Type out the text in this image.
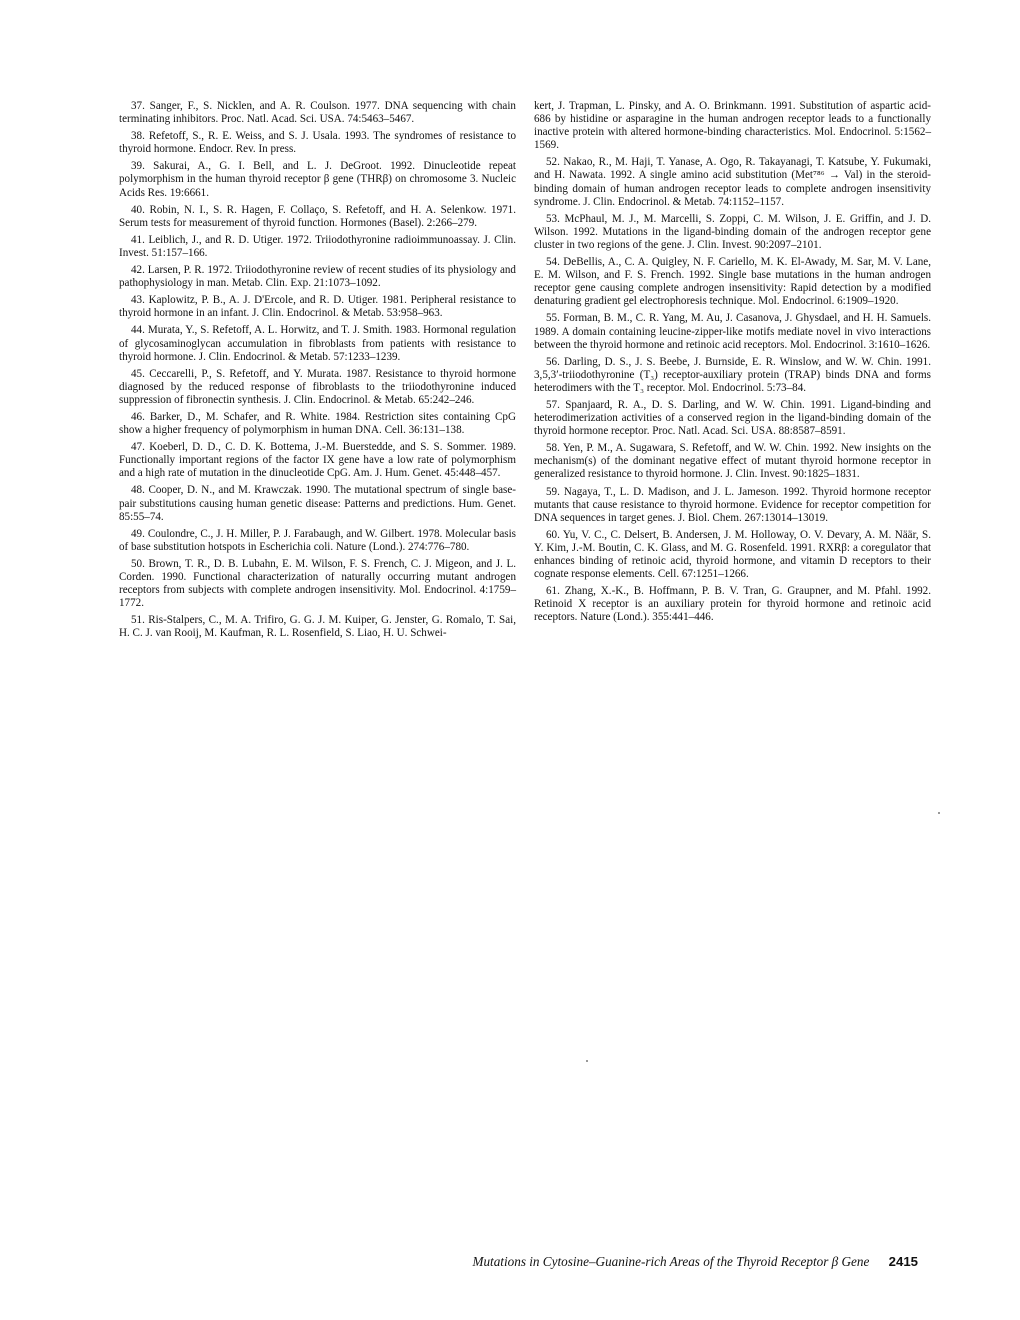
37. Sanger, F., S. Nicklen, and A. R. Coulson. 1977. DNA sequencing with chain terminating inhibitors. Proc. Natl. Acad. Sci. USA. 74:5463–5467.

38. Refetoff, S., R. E. Weiss, and S. J. Usala. 1993. The syndromes of resistance to thyroid hormone. Endocr. Rev. In press.

39. Sakurai, A., G. I. Bell, and L. J. DeGroot. 1992. Dinucleotide repeat polymorphism in the human thyroid receptor β gene (THRβ) on chromosome 3. Nucleic Acids Res. 19:6661.

40. Robin, N. I., S. R. Hagen, F. Collaço, S. Refetoff, and H. A. Selenkow. 1971. Serum tests for measurement of thyroid function. Hormones (Basel). 2:266–279.

41. Leiblich, J., and R. D. Utiger. 1972. Triiodothyronine radioimmunoassay. J. Clin. Invest. 51:157–166.

42. Larsen, P. R. 1972. Triiodothyronine review of recent studies of its physiology and pathophysiology in man. Metab. Clin. Exp. 21:1073–1092.

43. Kaplowitz, P. B., A. J. D'Ercole, and R. D. Utiger. 1981. Peripheral resistance to thyroid hormone in an infant. J. Clin. Endocrinol. & Metab. 53:958–963.

44. Murata, Y., S. Refetoff, A. L. Horwitz, and T. J. Smith. 1983. Hormonal regulation of glycosaminoglycan accumulation in fibroblasts from patients with resistance to thyroid hormone. J. Clin. Endocrinol. & Metab. 57:1233–1239.

45. Ceccarelli, P., S. Refetoff, and Y. Murata. 1987. Resistance to thyroid hormone diagnosed by the reduced response of fibroblasts to the triiodothyronine induced suppression of fibronectin synthesis. J. Clin. Endocrinol. & Metab. 65:242–246.

46. Barker, D., M. Schafer, and R. White. 1984. Restriction sites containing CpG show a higher frequency of polymorphism in human DNA. Cell. 36:131–138.

47. Koeberl, D. D., C. D. K. Bottema, J.-M. Buerstedde, and S. S. Sommer. 1989. Functionally important regions of the factor IX gene have a low rate of polymorphism and a high rate of mutation in the dinucleotide CpG. Am. J. Hum. Genet. 45:448–457.

48. Cooper, D. N., and M. Krawczak. 1990. The mutational spectrum of single base-pair substitutions causing human genetic disease: Patterns and predictions. Hum. Genet. 85:55–74.

49. Coulondre, C., J. H. Miller, P. J. Farabaugh, and W. Gilbert. 1978. Molecular basis of base substitution hotspots in Escherichia coli. Nature (Lond.). 274:776–780.

50. Brown, T. R., D. B. Lubahn, E. M. Wilson, F. S. French, C. J. Migeon, and J. L. Corden. 1990. Functional characterization of naturally occurring mutant androgen receptors from subjects with complete androgen insensitivity. Mol. Endocrinol. 4:1759–1772.

51. Ris-Stalpers, C., M. A. Trifiro, G. G. J. M. Kuiper, G. Jenster, G. Romalo, T. Sai, H. C. J. van Rooij, M. Kaufman, R. L. Rosenfield, S. Liao, H. U. Schwei-

kert, J. Trapman, L. Pinsky, and A. O. Brinkmann. 1991. Substitution of aspartic acid-686 by histidine or asparagine in the human androgen receptor leads to a functionally inactive protein with altered hormone-binding characteristics. Mol. Endocrinol. 5:1562–1569.

52. Nakao, R., M. Haji, T. Yanase, A. Ogo, R. Takayanagi, T. Katsube, Y. Fukumaki, and H. Nawata. 1992. A single amino acid substitution (Met⁷⁸⁶ → Val) in the steroid-binding domain of human androgen receptor leads to complete androgen insensitivity syndrome. J. Clin. Endocrinol. & Metab. 74:1152–1157.

53. McPhaul, M. J., M. Marcelli, S. Zoppi, C. M. Wilson, J. E. Griffin, and J. D. Wilson. 1992. Mutations in the ligand-binding domain of the androgen receptor gene cluster in two regions of the gene. J. Clin. Invest. 90:2097–2101.

54. DeBellis, A., C. A. Quigley, N. F. Cariello, M. K. El-Awady, M. Sar, M. V. Lane, E. M. Wilson, and F. S. French. 1992. Single base mutations in the human androgen receptor gene causing complete androgen insensitivity: Rapid detection by a modified denaturing gradient gel electrophoresis technique. Mol. Endocrinol. 6:1909–1920.

55. Forman, B. M., C. R. Yang, M. Au, J. Casanova, J. Ghysdael, and H. H. Samuels. 1989. A domain containing leucine-zipper-like motifs mediate novel in vivo interactions between the thyroid hormone and retinoic acid receptors. Mol. Endocrinol. 3:1610–1626.

56. Darling, D. S., J. S. Beebe, J. Burnside, E. R. Winslow, and W. W. Chin. 1991. 3,5,3′-triiodothyronine (T₃) receptor-auxiliary protein (TRAP) binds DNA and forms heterodimers with the T₃ receptor. Mol. Endocrinol. 5:73–84.

57. Spanjaard, R. A., D. S. Darling, and W. W. Chin. 1991. Ligand-binding and heterodimerization activities of a conserved region in the ligand-binding domain of the thyroid hormone receptor. Proc. Natl. Acad. Sci. USA. 88:8587–8591.

58. Yen, P. M., A. Sugawara, S. Refetoff, and W. W. Chin. 1992. New insights on the mechanism(s) of the dominant negative effect of mutant thyroid hormone receptor in generalized resistance to thyroid hormone. J. Clin. Invest. 90:1825–1831.

59. Nagaya, T., L. D. Madison, and J. L. Jameson. 1992. Thyroid hormone receptor mutants that cause resistance to thyroid hormone. Evidence for receptor competition for DNA sequences in target genes. J. Biol. Chem. 267:13014–13019.

60. Yu, V. C., C. Delsert, B. Andersen, J. M. Holloway, O. V. Devary, A. M. Näär, S. Y. Kim, J.-M. Boutin, C. K. Glass, and M. G. Rosenfeld. 1991. RXRβ: a coregulator that enhances binding of retinoic acid, thyroid hormone, and vitamin D receptors to their cognate response elements. Cell. 67:1251–1266.

61. Zhang, X.-K., B. Hoffmann, P. B. V. Tran, G. Graupner, and M. Pfahl. 1992. Retinoid X receptor is an auxiliary protein for thyroid hormone and retinoic acid receptors. Nature (Lond.). 355:441–446.

Mutations in Cytosine–Guanine-rich Areas of the Thyroid Receptor β Gene 2415
